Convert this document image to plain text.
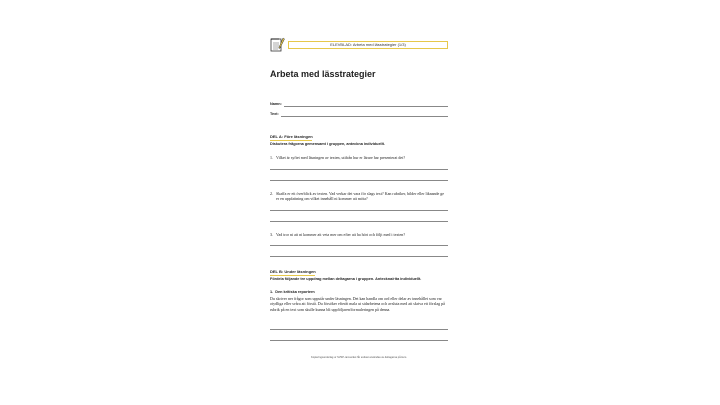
ELEVBLAD: Arbeta med lässtrategier (1/3)
Arbeta med lässtrategier
Namn:
Text:
DEL A: Före läsningen
Diskutera frågorna gemensamt i gruppen, anteckna individuellt.
1. Vilket är syftet med läsningen av texten, utifrån hur er lärare har presenterat det?
2. Skaffa er ett överblick av texten. Vad verkar det vara för slags text? Kan rubriker, bilder eller liknande ge er en uppfattning om vilket innehåll ni kommer att möta?
3. Vad tror ni att ni kommer att veta mer om efter att ha hört och följt med i texten?
DEL B: Under läsningen
Fördela följande tre uppdrag mellan deltagarna i gruppen. Anteckna/rita individuellt.
1. Den kritiska reportern
Du skriver ner frågor som uppstår under läsningen. Det kan handla om ord eller delar av innehållet som var otydliga eller svåra att förstå. Du försöker efteråt mala ut sidarbetena och avsluta med att skriva ett förslag på rubrik på en text som skulle kunna bli uppföljaren/formuleringen på denna.
Kopieringsunderlag ur SVSP-ramverket får endast användas av deltagarna på kurs.
